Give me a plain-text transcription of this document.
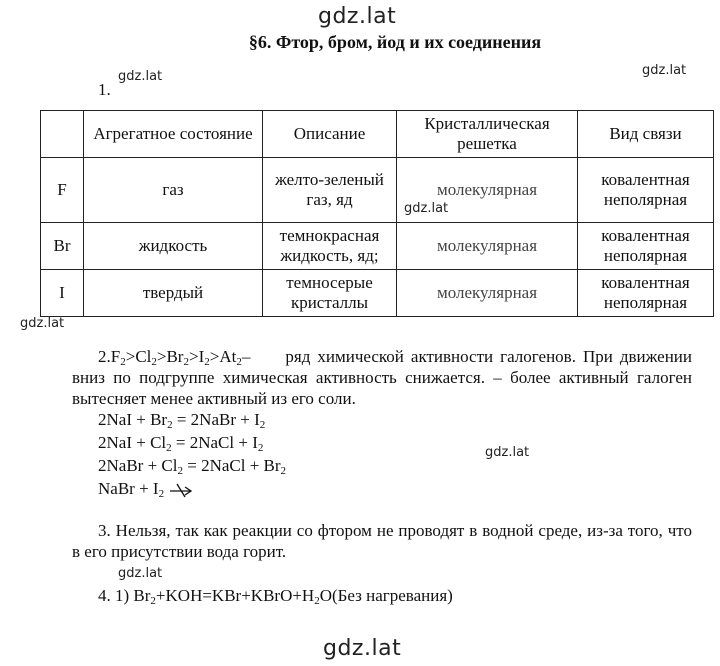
gdz.lat
§6. Фтор, бром, йод и их соединения
gdz.lat	gdz.lat
1.
	Агрегатное состояние	Описание	Кристаллическая решетка	Вид связи
F	газ	желто-зеленый газ, яд	молекулярная	ковалентная неполярная
Br	жидкость	темнокрасная жидкость, яд;	молекулярная	ковалентная неполярная
I	твердый	темносерые кристаллы	молекулярная	ковалентная неполярная
gdz.lat
gdz.lat
$2.F_2>Cl_2>Br_2>I_2>At_2-$ ряд химической активности галогенов. При движении вниз по подгруппе химическая активность снижается. – более активный галоген вытесняет менее активный из его соли.
$2NaI + Br_2$ = 2NaBr + $I_2$
$2NaI + Cl_2$ = 2NaCl + $I_2$
2NaBr + $Cl_2$ = 2NaCl + $Br_2$
NaBr + $I_2$
gdz.lat
3. Нельзя, так как реакции со фтором не проводят в водной среде, из-за того, что в его присутствии вода горит.
gdz.lat
4. 1) $Br_2+KOH=KBr+KBrO+H_2O(Без$ нагревания)
gdz.lat
